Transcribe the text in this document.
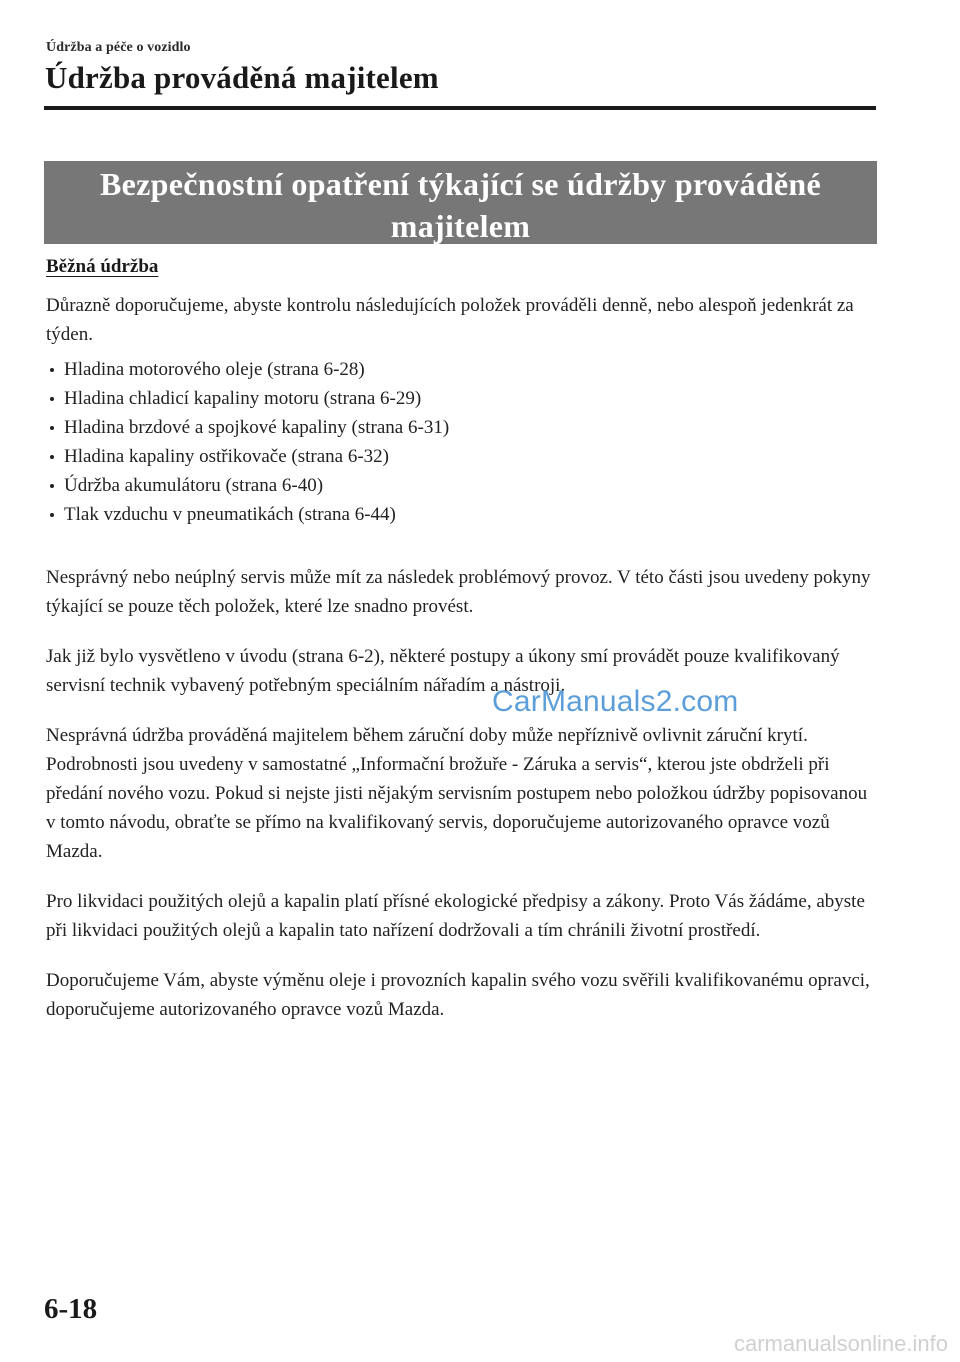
Údržba a péče o vozidlo
Údržba prováděná majitelem
Bezpečnostní opatření týkající se údržby prováděné
majitelem
Běžná údržba

Důrazně doporučujeme, abyste kontrolu následujících položek prováděli denně, nebo alespoň jedenkrát za týden.

Hladina motorového oleje (strana 6-28)
Hladina chladicí kapaliny motoru (strana 6-29)
Hladina brzdové a spojkové kapaliny (strana 6-31)
Hladina kapaliny ostřikovače (strana 6-32)
Údržba akumulátoru (strana 6-40)
Tlak vzduchu v pneumatikách (strana 6-44)

Nesprávný nebo neúplný servis může mít za následek problémový provoz. V této části jsou uvedeny pokyny týkající se pouze těch položek, které lze snadno provést.

Jak již bylo vysvětleno v úvodu (strana 6-2), některé postupy a úkony smí provádět pouze kvalifikovaný servisní technik vybavený potřebným speciálním nářadím a nástroji.

Nesprávná údržba prováděná majitelem během záruční doby může nepříznivě ovlivnit záruční krytí. Podrobnosti jsou uvedeny v samostatné „Informační brožuře - Záruka a servis“, kterou jste obdrželi při předání nového vozu. Pokud si nejste jisti nějakým servisním postupem nebo položkou údržby popisovanou v tomto návodu, obraťte se přímo na kvalifikovaný servis, doporučujeme autorizovaného opravce vozů Mazda.

Pro likvidaci použitých olejů a kapalin platí přísné ekologické předpisy a zákony. Proto Vás žádáme, abyste při likvidaci použitých olejů a kapalin tato nařízení dodržovali a tím chránili životní prostředí.

Doporučujeme Vám, abyste výměnu oleje i provozních kapalin svého vozu svěřili kvalifikovanému opravci, doporučujeme autorizovaného opravce vozů Mazda.

CarManuals2.com
6-18
carmanualsonline.info
